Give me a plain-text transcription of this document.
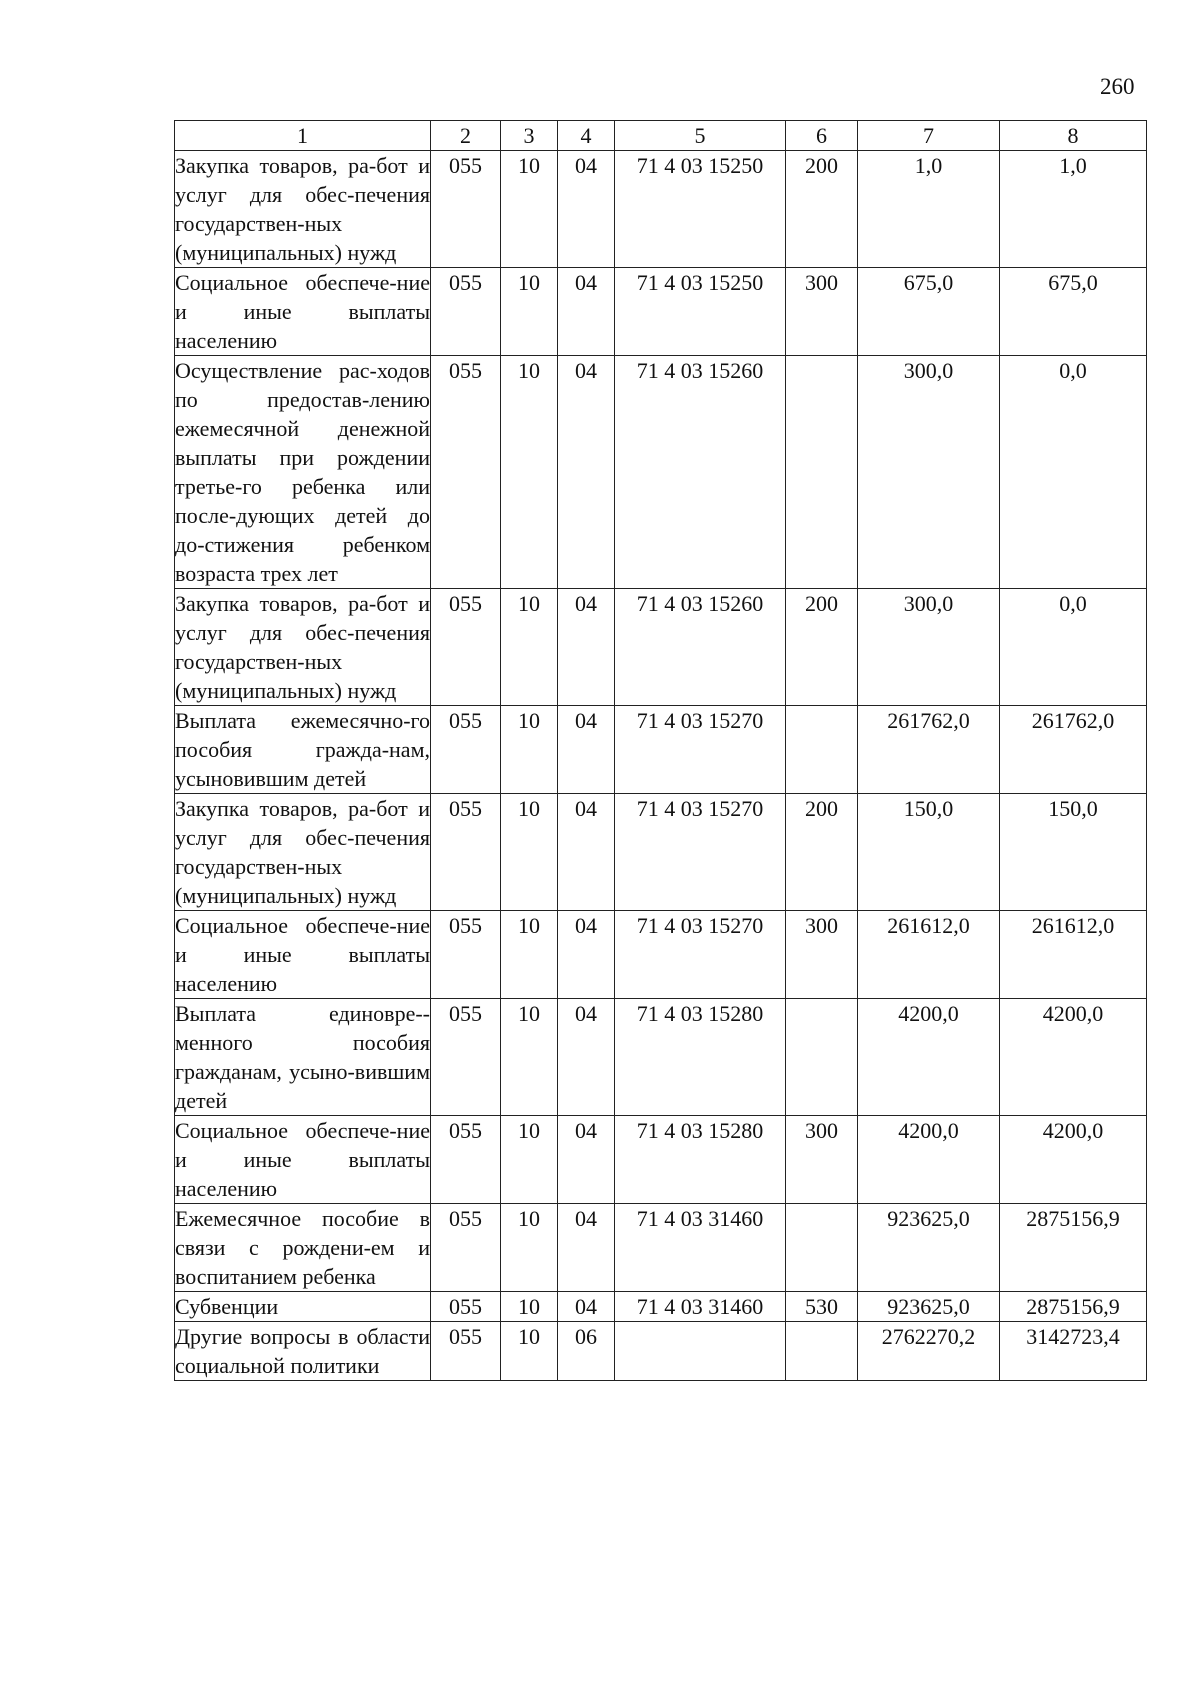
260
1	2	3	4	5	6	7	8
Закупка товаров, ра-бот и услуг для обес-печения государствен-ных (муниципальных) нужд	055	10	04	71 4 03 15250	200	1,0	1,0
Социальное обеспече-ние и иные выплаты населению	055	10	04	71 4 03 15250	300	675,0	675,0
Осуществление рас-ходов по предостав-лению ежемесячной денежной выплаты при рождении третье-го ребенка или после-дующих детей до до-стижения ребенком возраста трех лет	055	10	04	71 4 03 15260		300,0	0,0
Закупка товаров, ра-бот и услуг для обес-печения государствен-ных (муниципальных) нужд	055	10	04	71 4 03 15260	200	300,0	0,0
Выплата ежемесячно-го пособия гражда-нам, усыновившим детей	055	10	04	71 4 03 15270		261762,0	261762,0
Закупка товаров, ра-бот и услуг для обес-печения государствен-ных (муниципальных) нужд	055	10	04	71 4 03 15270	200	150,0	150,0
Социальное обеспече-ние и иные выплаты населению	055	10	04	71 4 03 15270	300	261612,0	261612,0
Выплата единовре-менного пособия гражданам, усыно-вившим детей	055	10	04	71 4 03 15280		4200,0	4200,0
Социальное обеспече-ние и иные выплаты населению	055	10	04	71 4 03 15280	300	4200,0	4200,0
Ежемесячное пособие в связи с рождени-ем и воспитанием ребенка	055	10	04	71 4 03 31460		923625,0	2875156,9
Субвенции	055	10	04	71 4 03 31460	530	923625,0	2875156,9
Другие вопросы в области социальной политики	055	10	06			2762270,2	3142723,4
